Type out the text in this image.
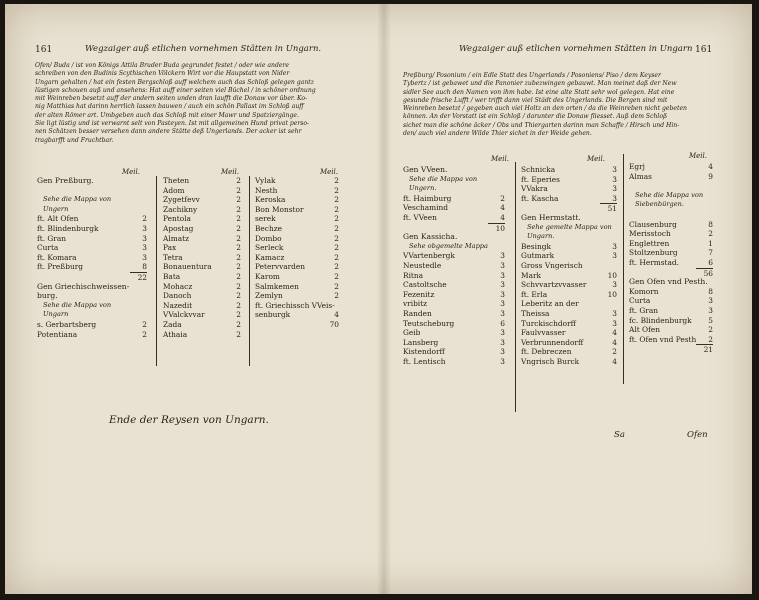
161	Wegzaiger auß etlichen vornehmen Stätten in Ungarn.
Ofen/ Buda / ist von Königs Attila Bruder Buda gegrundet festet / oder wie andere
schreiben von den Budinis Scythischen Völckern Wirt vor die Haupstatt von Nider
Ungarn gehalten / hat ein festen Bergschloß auff welchem auch das Schloß gelegen gantz
lüstigen schouen auß und ansehens: Hat auff einer seiten viel Büchel / in schöner ordnung
mit Weinreben besetzt auff der andern seiten unden dran laufft die Donaw vor über. Ko-
nig Matthias hat darinn herrlich lassen bauwen / auch ein schön Pallast im Schloß auff
der alten Römer art. Umbgeben auch das Schloß mit einer Mawr und Spatziergänge.
Sie ligt lüstig und ist verwarnt selt von Pasteyen. Ist mit allgemeinen Hund privat perso-
nen Schätzen besser versehen dann andere Stätte deß Ungerlands. Der acker ist sehr
tragbarfft und Fruchtbar.
Meil.	Meil.	Meil.
Gen Preßburg.
Sehe die Mappa von
Ungern
ft. Alt Ofen	2
ft. Blindenburgk	3
ft. Gran	3
Curta	3
ft. Komara	3
ft. Preßburg	8
22
Gen Griechischweissen-
burg.
Sehe die Mappa von
Ungarn
s. Gerbartsberg	2
Potentiana	2
Theten	2
Adom	2
Zygetfevv	2
Zachikny	2
Pentola	2
Apostag	2
Almatz	2
Pax	2
Tetra	2
Bonauentura	2
Bata	2
Mohacz	2
Danoch	2
Nazedit	2
VValckvvar	2
Zada	2
Athaia	2
Vylak	2
Nesth	2
Keroska	2
Bon Monstor	2
serek	2
Bechze	2
Dombo	2
Serleck	2
Kamacz	2
Petervvarden	2
Karom	2
Salmkemen	2
Zemlyn	2
ft. Griechissch VVeis-
senburgk	4
70
Ende der Reysen von Ungarn.
Wegzaiger auß etlichen vornehmen Stätten in Ungarn 161
Preßburg/ Posonium / ein Edle Statt des Ungerlands / Posoniens/ Piso / dem Keyser
Tybertz / ist gebawet und die Panonier zubezwingen gebauwt. Man meinet daß der New
sidler See auch den Namen von ihm habe. Ist eine alte Statt sehr wol gelegen. Hat eine
gesunde frische Lufft / wer trifft dann viel Städt des Ungerlands. Die Bergen sind mit
Weinreben besetzt / gegeben auch viel Holtz an den orten / da die Weinreben nicht gebeten
können. An der Vorstatt ist ein Schloß / darunter die Donaw fliesset. Auß dem Schloß
sichet man die schöne äcker / Obs und Thiergarten darinn man Schaffe / Hirsch und Hin-
den/ auch viel andere Wilde Thier sichet in der Weide gehen.
Meil.	Meil.	Meil.
Gen VVeen.
Sehe die Mappa von
Ungern.
ft. Haimburg	2
Veschamind	4
ft. VVeen	4
10
Gen Kassicha.
Sehe obgemelte Mappa
VVartenbergk	3
Neustedle	3
Ritna	3
Castoltsche	3
Fezenitz	3
vribitz	3
Randen	3
Teutscheburg	6
Geib	3
Lansberg	3
Kistendorff	3
ft. Lentisch	3
Schnicka	3
ft. Eperies	3
VVakra	3
ft. Kascha	3
51
Gen Hermstatt.
Sehe gemelte Mappa von
Ungarn.
Besingk	3
Gutmark	3
Gross Vngerisch
Mark	10
Schvvartzvvasser	3
ft. Erla	10
Leberitz an der
Theissa	3
Turckischdorff	3
Faulvvasser	4
Verbrunnendorff	4
ft. Debreczen	2
Vngrisch Burck	4
Egrj	4
Almas	9
Sehe die Mappa von
Siebenbürgen.
Clausenburg	8
Merisstoch	2
Englettren	1
Stoltzenburg	7
ft. Hermstad.	6
56
Gen Ofen vnd Pesth.
Komorn	8
Curta	3
ft. Gran	3
fc. Blindenburgk 5
Alt Ofen	2
ft. Ofen vnd Pesth 2
21
Sa	Ofen
